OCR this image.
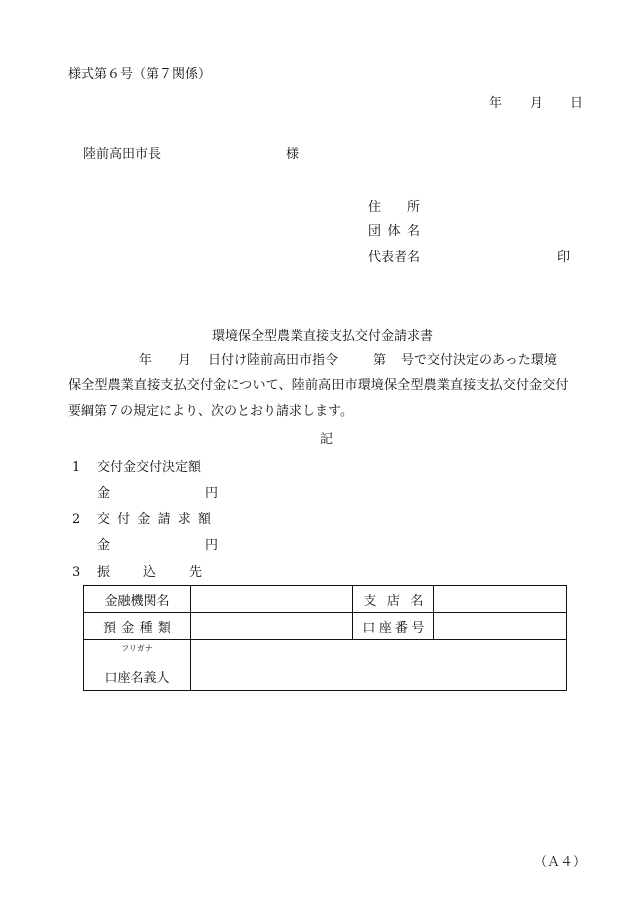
様式第６号（第７関係）
年 月 日
陸前高田市長	様
住 所
団 体 名
代表者名	印
環境保全型農業直接支払交付金請求書
年 月 日付け陸前高田市指令	第 号で交付決定のあった環境
保全型農業直接支払交付金について、陸前高田市環境保全型農業直接支払交付金交付
要綱第７の規定により、次のとおり請求します。
記
1 交付金交付決定額
金	円
2 交 付 金 請 求 額
金	円
3 振	込	先
金融機関名		支 店 名	

預 金 種 類		口 座 番 号	

フリガナ
口座名義人			

（Ａ４）
